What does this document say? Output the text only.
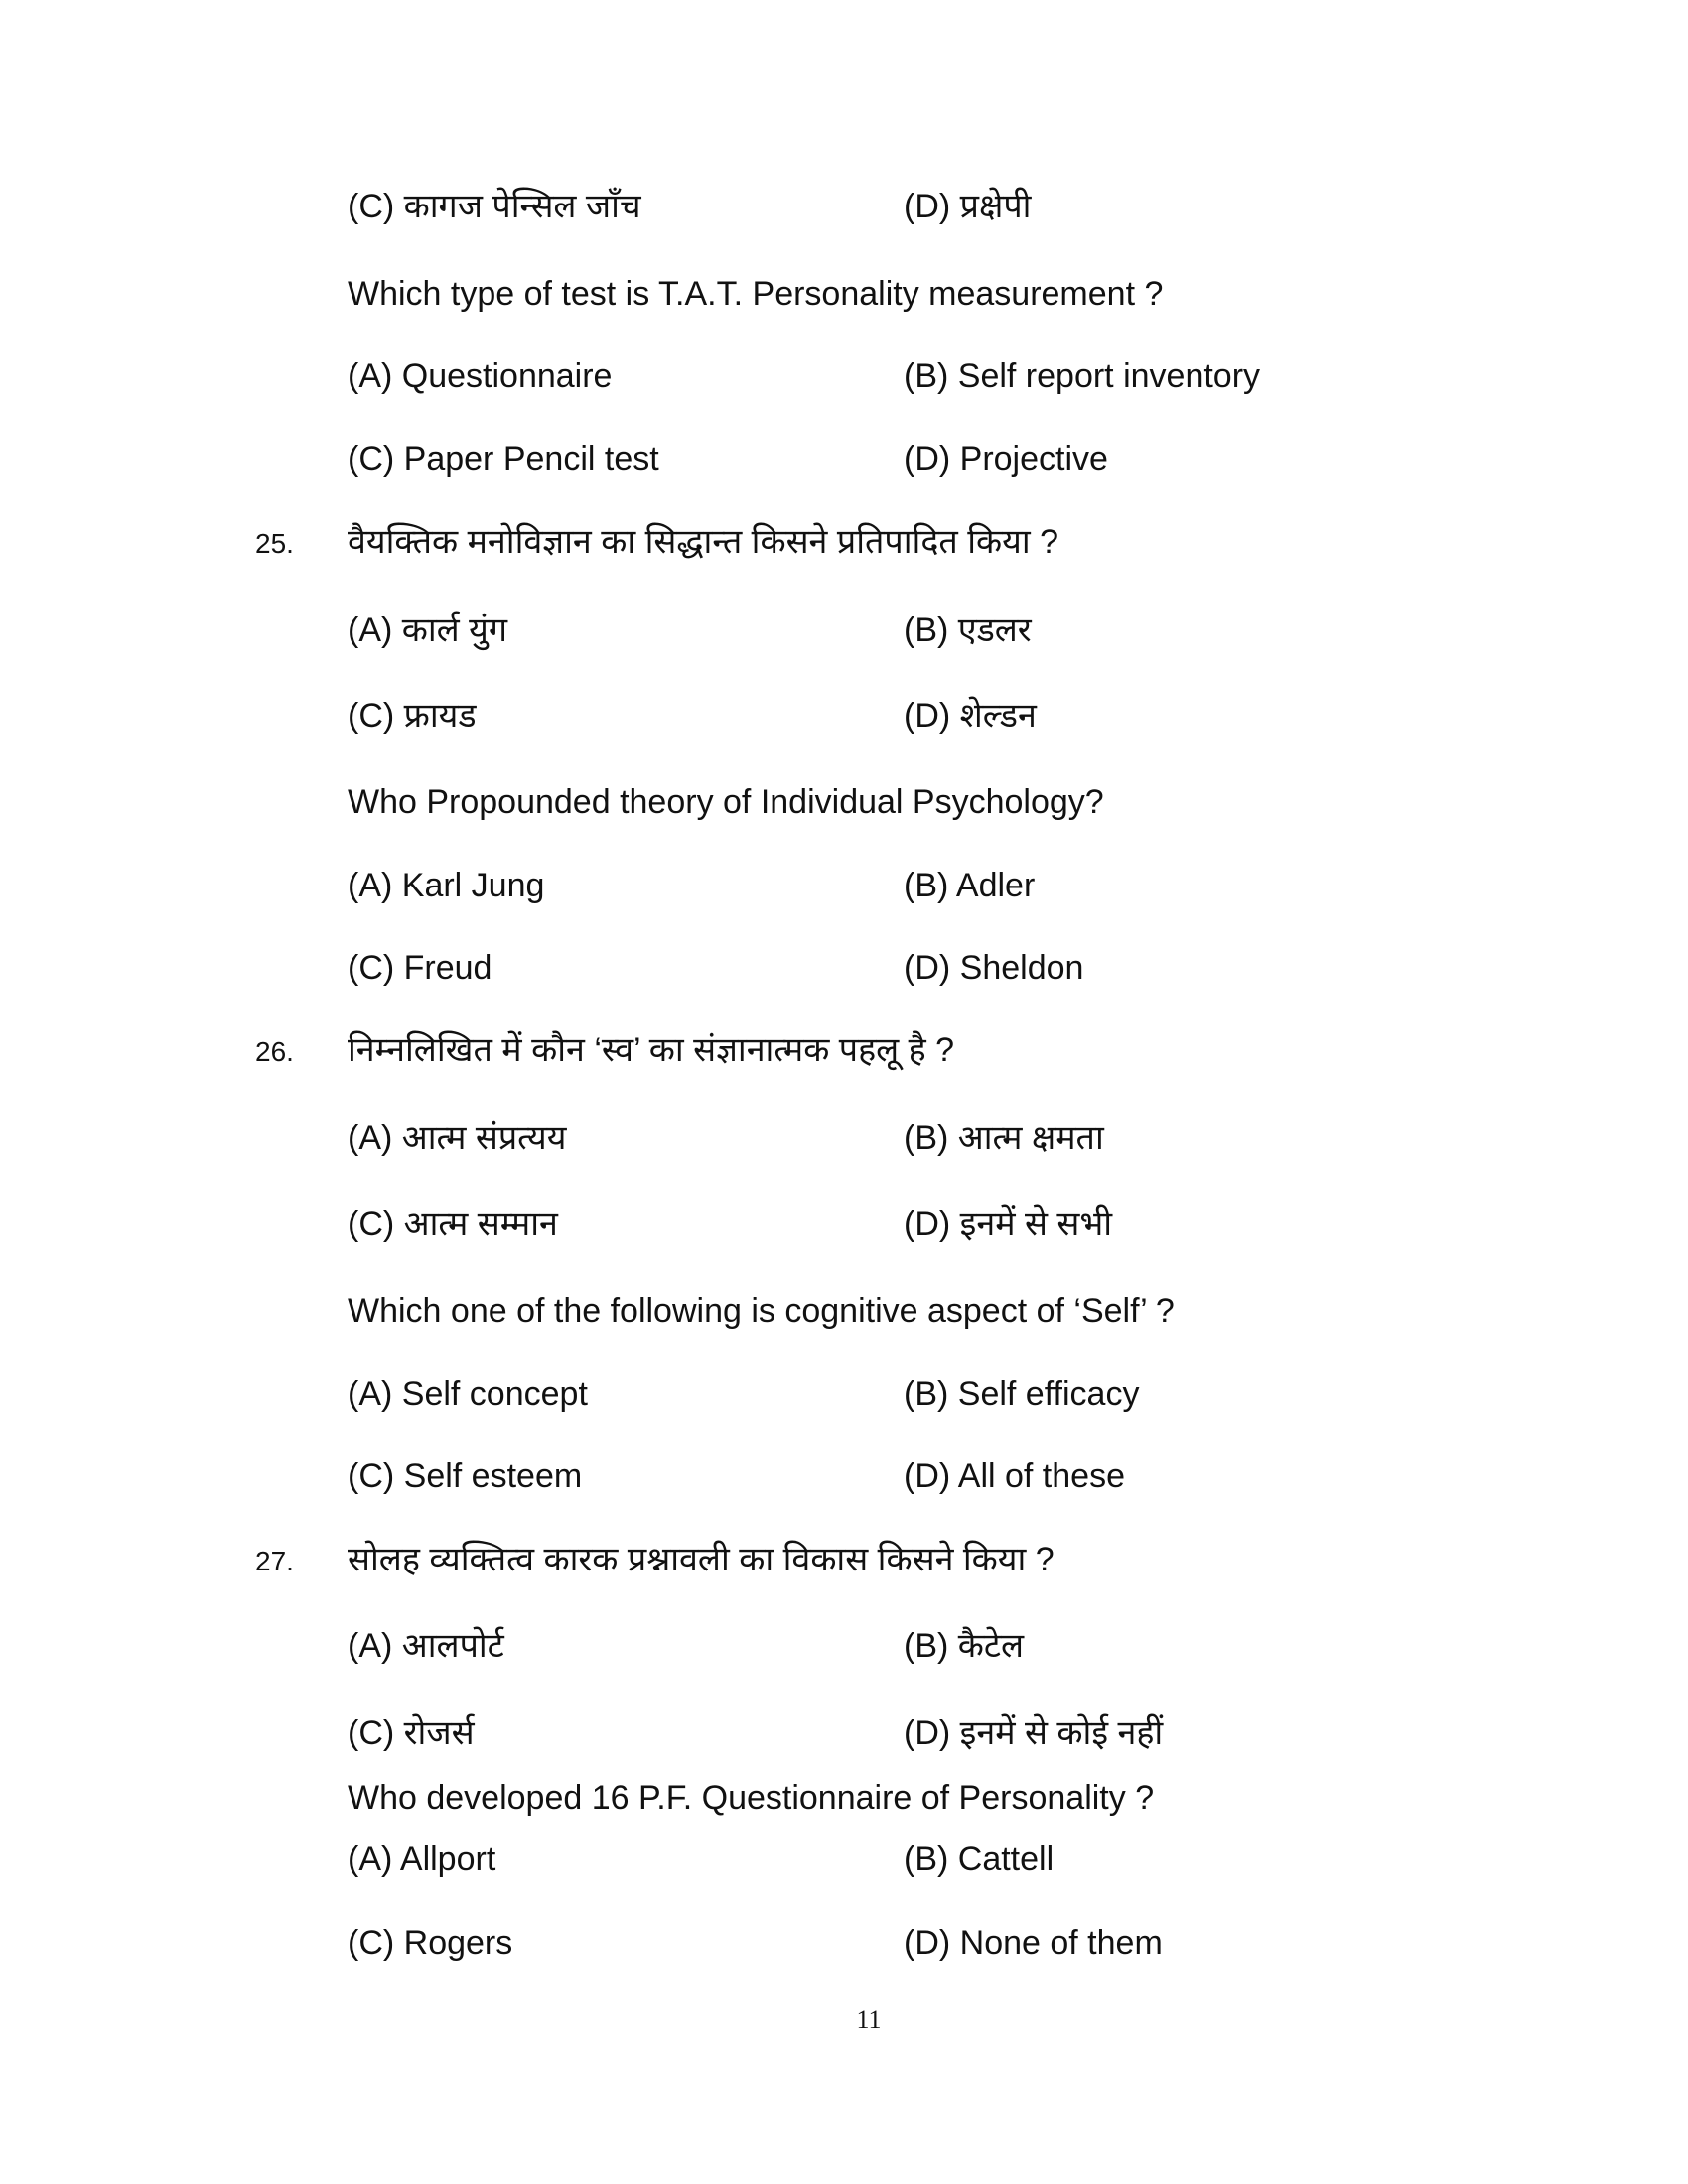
(C) कागज पेन्सिल जाँच	(D) प्रक्षेपी
Which type of test is T.A.T. Personality measurement ?
(A) Questionnaire	(B) Self report inventory
(C) Paper Pencil test	(D) Projective
25. वैयक्तिक मनोविज्ञान का सिद्धान्त किसने प्रतिपादित किया ?
(A) कार्ल युंग	(B) एडलर
(C) फ्रायड	(D) शेल्डन
Who Propounded theory of Individual Psychology?
(A) Karl Jung	(B) Adler
(C) Freud	(D) Sheldon
26. निम्नलिखित में कौन ‘स्व’ का संज्ञानात्मक पहलू है ?
(A) आत्म संप्रत्यय	(B) आत्म क्षमता
(C) आत्म सम्मान	(D) इनमें से सभी
Which one of the following is cognitive aspect of ‘Self’ ?
(A) Self concept	(B) Self efficacy
(C) Self esteem	(D) All of these
27. सोलह व्यक्तित्व कारक प्रश्नावली का विकास किसने किया ?
(A) आलपोर्ट	(B) कैटेल
(C) रोजर्स	(D) इनमें से कोई नहीं
Who developed 16 P.F. Questionnaire of Personality ?
(A) Allport	(B) Cattell
(C) Rogers	(D) None of them
11
